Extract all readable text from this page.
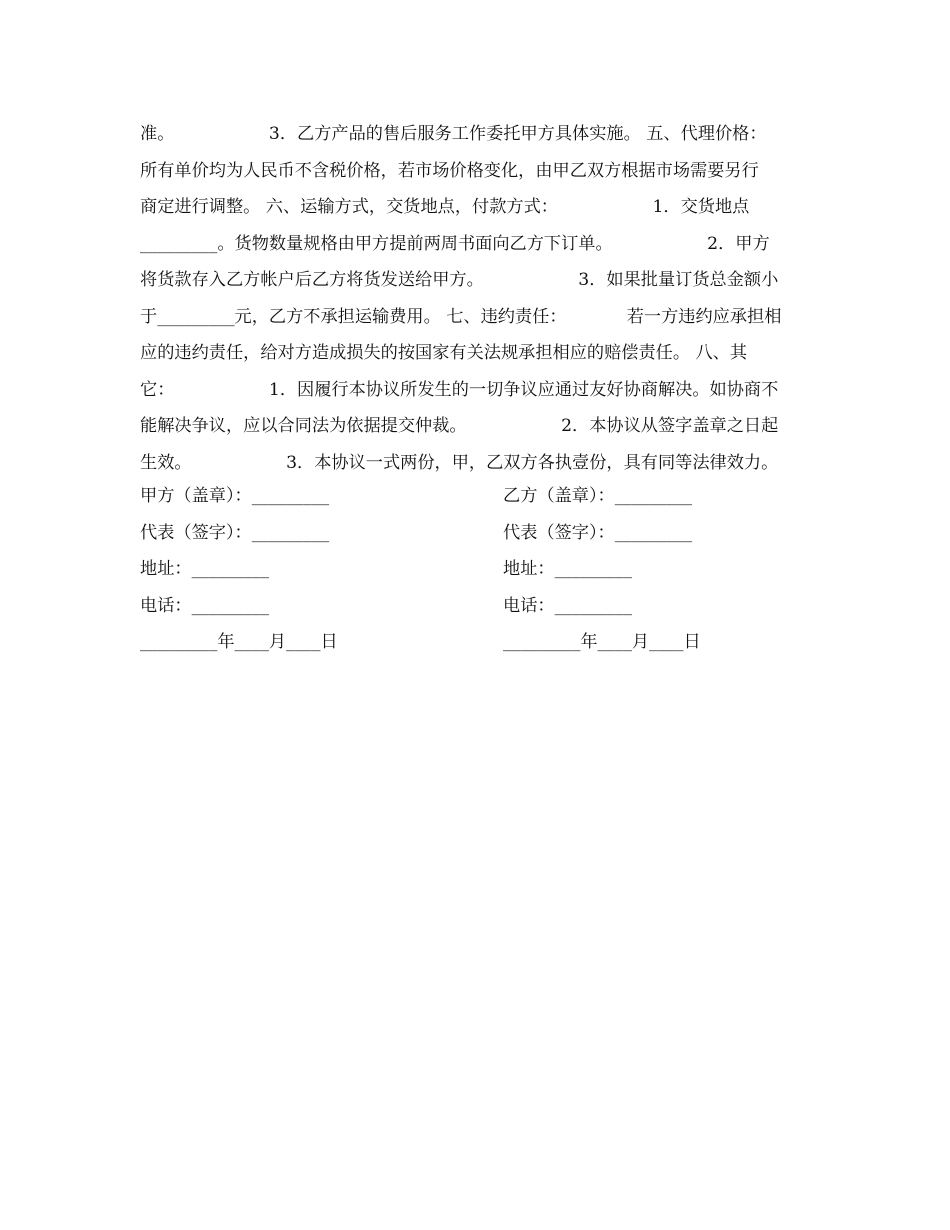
准。　　　　　　3．乙方产品的售后服务工作委托甲方具体实施。 五、代理价格：
所有单价均为人民币不含税价格，若市场价格变化，由甲乙双方根据市场需要另行
商定进行调整。 六、运输方式，交货地点，付款方式：　　　　　　1．交货地点
_________。货物数量规格由甲方提前两周书面向乙方下订单。　　　　　　2．甲方
将货款存入乙方帐户后乙方将货发送给甲方。　　　　　　3．如果批量订货总金额小
于_________元，乙方不承担运输费用。 七、违约责任：　　　　若一方违约应承担相
应的违约责任，给对方造成损失的按国家有关法规承担相应的赔偿责任。 八、其
它：　　　　　　1．因履行本协议所发生的一切争议应通过友好协商解决。如协商不
能解决争议，应以合同法为依据提交仲裁。　　　　　　2．本协议从签字盖章之日起
生效。　　　　　　3．本协议一式两份，甲，乙双方各执壹份，具有同等法律效力。
甲方（盖章）：_________
代表（签字）：_________
地址：_________
电话：_________
_________年____月____日
乙方（盖章）：_________
代表（签字）：_________
地址：_________
电话：_________
_________年____月____日
